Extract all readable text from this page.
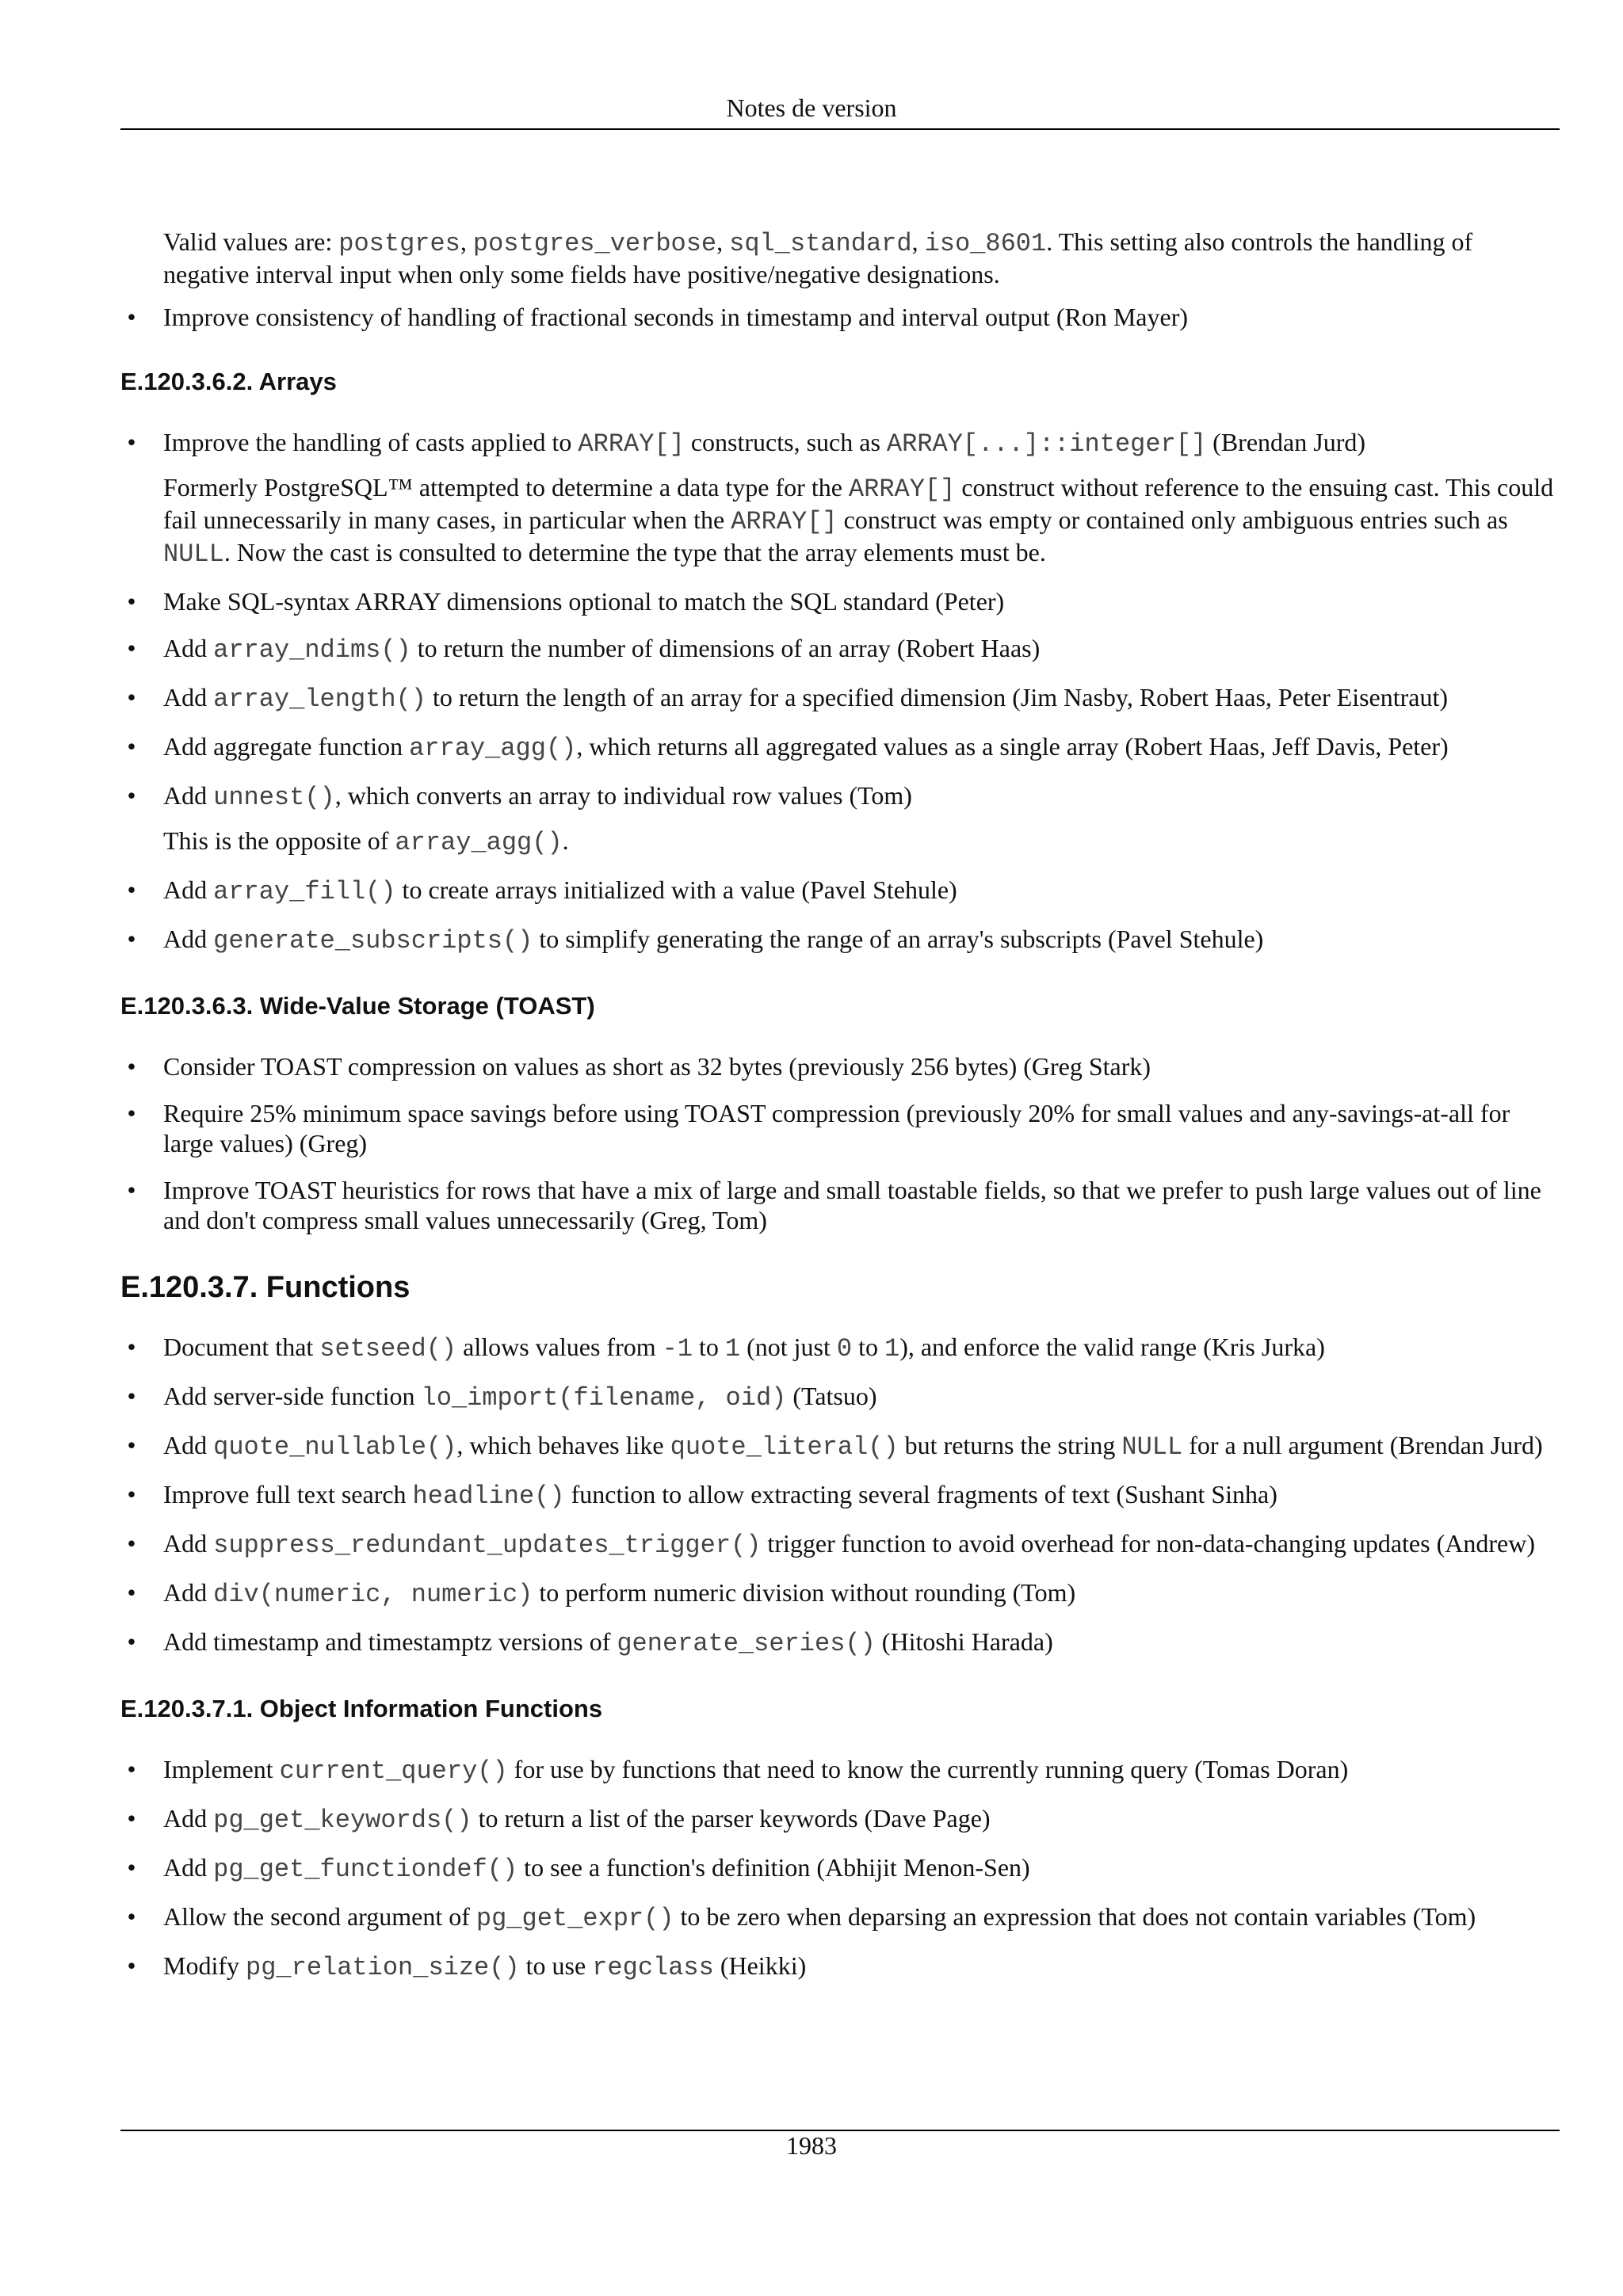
Notes de version
Valid values are: postgres, postgres_verbose, sql_standard, iso_8601. This setting also controls the handling of negative interval input when only some fields have positive/negative designations.
• Improve consistency of handling of fractional seconds in timestamp and interval output (Ron Mayer)
E.120.3.6.2. Arrays
• Improve the handling of casts applied to ARRAY[] constructs, such as ARRAY[...]::integer[] (Brendan Jurd)
Formerly PostgreSQL™ attempted to determine a data type for the ARRAY[] construct without reference to the ensuing cast. This could fail unnecessarily in many cases, in particular when the ARRAY[] construct was empty or contained only ambiguous entries such as NULL. Now the cast is consulted to determine the type that the array elements must be.
• Make SQL-syntax ARRAY dimensions optional to match the SQL standard (Peter)
• Add array_ndims() to return the number of dimensions of an array (Robert Haas)
• Add array_length() to return the length of an array for a specified dimension (Jim Nasby, Robert Haas, Peter Eisentraut)
• Add aggregate function array_agg(), which returns all aggregated values as a single array (Robert Haas, Jeff Davis, Peter)
• Add unnest(), which converts an array to individual row values (Tom)
This is the opposite of array_agg().
• Add array_fill() to create arrays initialized with a value (Pavel Stehule)
• Add generate_subscripts() to simplify generating the range of an array's subscripts (Pavel Stehule)
E.120.3.6.3. Wide-Value Storage (TOAST)
• Consider TOAST compression on values as short as 32 bytes (previously 256 bytes) (Greg Stark)
• Require 25% minimum space savings before using TOAST compression (previously 20% for small values and any-savings-at-all for large values) (Greg)
• Improve TOAST heuristics for rows that have a mix of large and small toastable fields, so that we prefer to push large values out of line and don't compress small values unnecessarily (Greg, Tom)
E.120.3.7. Functions
• Document that setseed() allows values from -1 to 1 (not just 0 to 1), and enforce the valid range (Kris Jurka)
• Add server-side function lo_import(filename, oid) (Tatsuo)
• Add quote_nullable(), which behaves like quote_literal() but returns the string NULL for a null argument (Brendan Jurd)
• Improve full text search headline() function to allow extracting several fragments of text (Sushant Sinha)
• Add suppress_redundant_updates_trigger() trigger function to avoid overhead for non-data-changing updates (Andrew)
• Add div(numeric, numeric) to perform numeric division without rounding (Tom)
• Add timestamp and timestamptz versions of generate_series() (Hitoshi Harada)
E.120.3.7.1. Object Information Functions
• Implement current_query() for use by functions that need to know the currently running query (Tomas Doran)
• Add pg_get_keywords() to return a list of the parser keywords (Dave Page)
• Add pg_get_functiondef() to see a function's definition (Abhijit Menon-Sen)
• Allow the second argument of pg_get_expr() to be zero when deparsing an expression that does not contain variables (Tom)
• Modify pg_relation_size() to use regclass (Heikki)
1983
